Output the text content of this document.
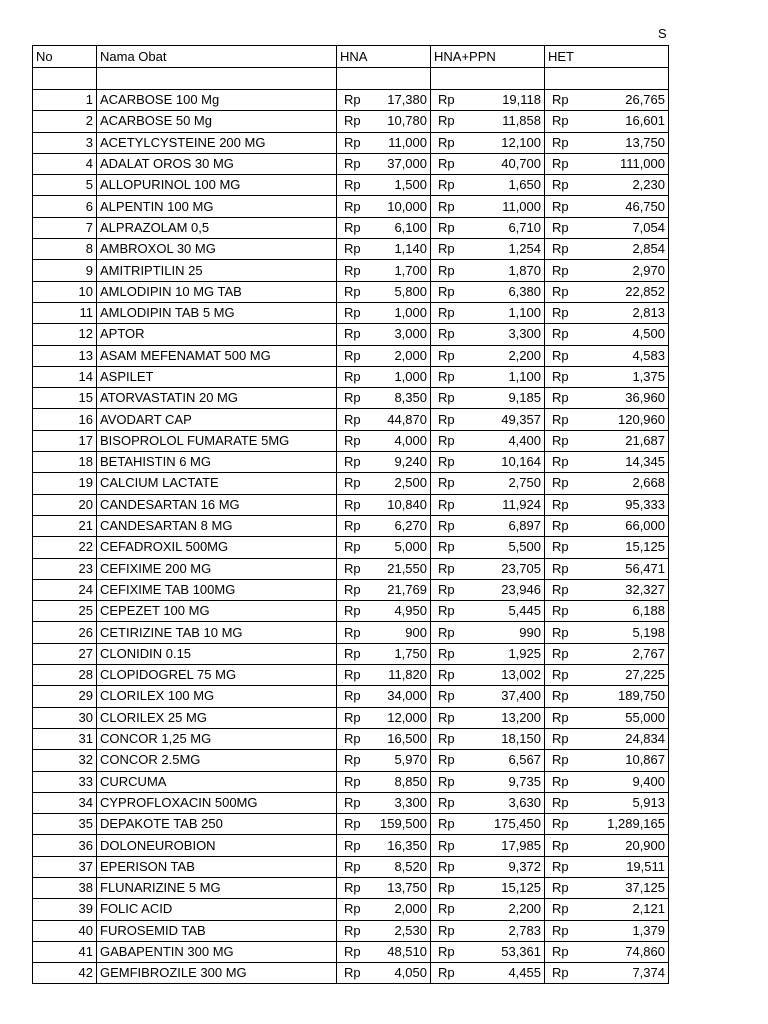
S
No	Nama Obat	HNA	HNA+PPN	HET

1	ACARBOSE 100 Mg	Rp 17,380	Rp 19,118	Rp 26,765
2	ACARBOSE 50 Mg	Rp 10,780	Rp 11,858	Rp 16,601
3	ACETYLCYSTEINE 200 MG	Rp 11,000	Rp 12,100	Rp 13,750
4	ADALAT OROS 30 MG	Rp 37,000	Rp 40,700	Rp 111,000
5	ALLOPURINOL 100 MG	Rp 1,500	Rp 1,650	Rp 2,230
6	ALPENTIN 100 MG	Rp 10,000	Rp 11,000	Rp 46,750
7	ALPRAZOLAM 0,5	Rp 6,100	Rp 6,710	Rp 7,054
8	AMBROXOL 30 MG	Rp 1,140	Rp 1,254	Rp 2,854
9	AMITRIPTILIN 25	Rp 1,700	Rp 1,870	Rp 2,970
10	AMLODIPIN 10 MG TAB	Rp 5,800	Rp 6,380	Rp 22,852
11	AMLODIPIN TAB 5 MG	Rp 1,000	Rp 1,100	Rp 2,813
12	APTOR	Rp 3,000	Rp 3,300	Rp 4,500
13	ASAM MEFENAMAT 500 MG	Rp 2,000	Rp 2,200	Rp 4,583
14	ASPILET	Rp 1,000	Rp 1,100	Rp 1,375
15	ATORVASTATIN 20 MG	Rp 8,350	Rp 9,185	Rp 36,960
16	AVODART CAP	Rp 44,870	Rp 49,357	Rp 120,960
17	BISOPROLOL FUMARATE 5MG	Rp 4,000	Rp 4,400	Rp 21,687
18	BETAHISTIN 6 MG	Rp 9,240	Rp 10,164	Rp 14,345
19	CALCIUM LACTATE	Rp 2,500	Rp 2,750	Rp 2,668
20	CANDESARTAN 16 MG	Rp 10,840	Rp 11,924	Rp 95,333
21	CANDESARTAN 8 MG	Rp 6,270	Rp 6,897	Rp 66,000
22	CEFADROXIL 500MG	Rp 5,000	Rp 5,500	Rp 15,125
23	CEFIXIME 200 MG	Rp 21,550	Rp 23,705	Rp 56,471
24	CEFIXIME TAB 100MG	Rp 21,769	Rp 23,946	Rp 32,327
25	CEPEZET 100 MG	Rp 4,950	Rp 5,445	Rp 6,188
26	CETIRIZINE TAB 10 MG	Rp 900	Rp 990	Rp 5,198
27	CLONIDIN 0.15	Rp 1,750	Rp 1,925	Rp 2,767
28	CLOPIDOGREL 75 MG	Rp 11,820	Rp 13,002	Rp 27,225
29	CLORILEX 100 MG	Rp 34,000	Rp 37,400	Rp 189,750
30	CLORILEX 25 MG	Rp 12,000	Rp 13,200	Rp 55,000
31	CONCOR 1,25 MG	Rp 16,500	Rp 18,150	Rp 24,834
32	CONCOR 2.5MG	Rp 5,970	Rp 6,567	Rp 10,867
33	CURCUMA	Rp 8,850	Rp 9,735	Rp 9,400
34	CYPROFLOXACIN 500MG	Rp 3,300	Rp 3,630	Rp 5,913
35	DEPAKOTE TAB 250	Rp 159,500	Rp 175,450	Rp 1,289,165
36	DOLONEUROBION	Rp 16,350	Rp 17,985	Rp 20,900
37	EPERISON TAB	Rp 8,520	Rp 9,372	Rp 19,511
38	FLUNARIZINE 5 MG	Rp 13,750	Rp 15,125	Rp 37,125
39	FOLIC ACID	Rp 2,000	Rp 2,200	Rp 2,121
40	FUROSEMID TAB	Rp 2,530	Rp 2,783	Rp 1,379
41	GABAPENTIN 300 MG	Rp 48,510	Rp 53,361	Rp 74,860
42	GEMFIBROZILE 300 MG	Rp 4,050	Rp 4,455	Rp 7,374
